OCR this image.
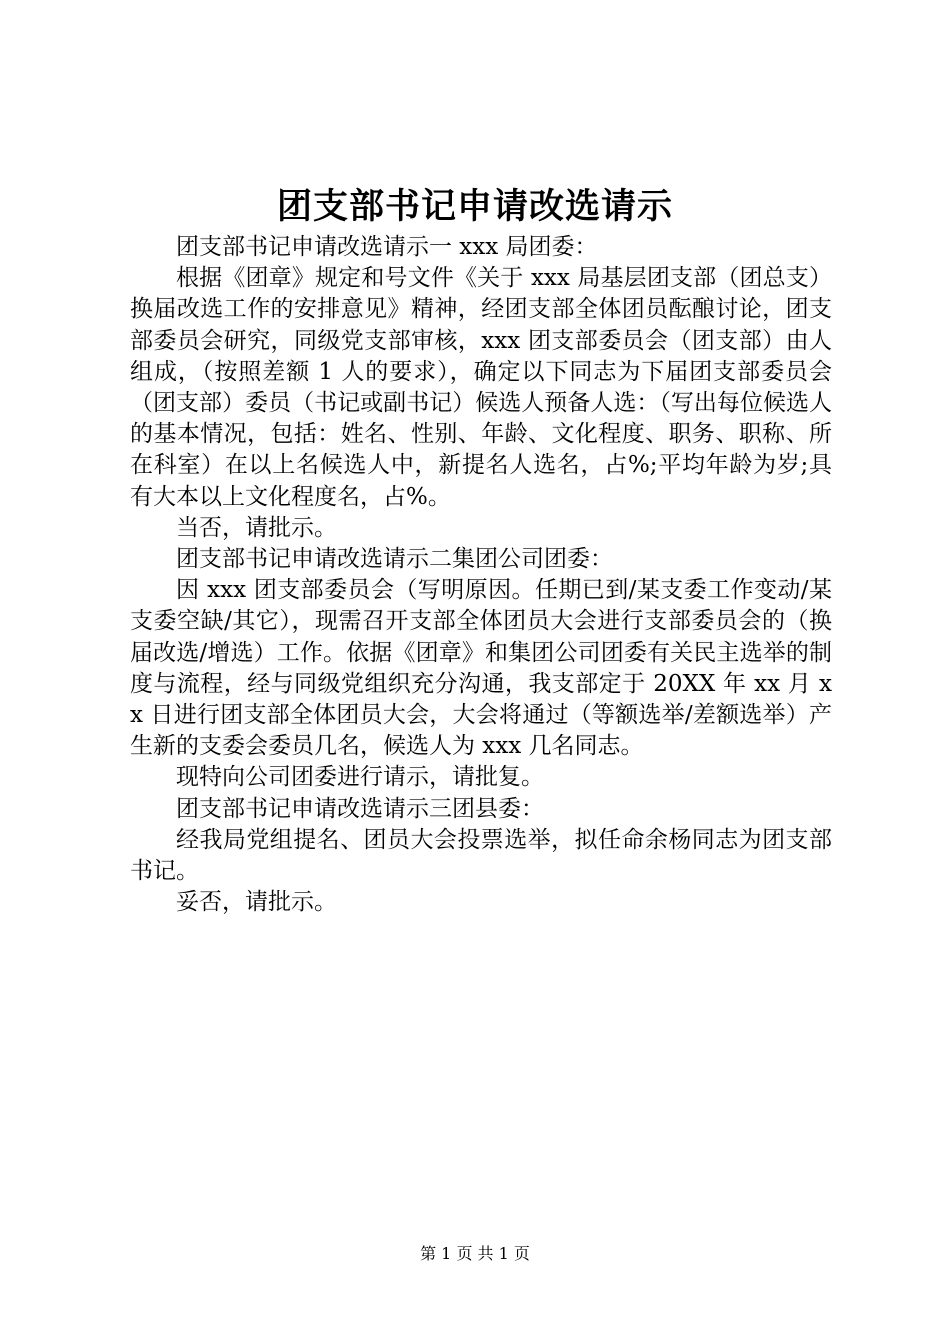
团支部书记申请改选请示

团支部书记申请改选请示一 xxx 局团委：

根据《团章》规定和号文件《关于 xxx 局基层团支部（团总支）换届改选工作的安排意见》精神，经团支部全体团员酝酿讨论，团支部委员会研究，同级党支部审核，xxx 团支部委员会（团支部）由人组成，（按照差额 1 人的要求），确定以下同志为下届团支部委员会（团支部）委员（书记或副书记）候选人预备人选：（写出每位候选人的基本情况，包括：姓名、性别、年龄、文化程度、职务、职称、所在科室）在以上名候选人中，新提名人选名，占%;平均年龄为岁;具有大本以上文化程度名，占%。

当否，请批示。

团支部书记申请改选请示二集团公司团委：

因 xxx 团支部委员会（写明原因。任期已到/某支委工作变动/某支委空缺/其它），现需召开支部全体团员大会进行支部委员会的（换届改选/增选）工作。依据《团章》和集团公司团委有关民主选举的制度与流程，经与同级党组织充分沟通，我支部定于 20XX 年 xx 月 xx 日进行团支部全体团员大会，大会将通过（等额选举/差额选举）产生新的支委会委员几名，候选人为 xxx 几名同志。

现特向公司团委进行请示，请批复。

团支部书记申请改选请示三团县委：

经我局党组提名、团员大会投票选举，拟任命余杨同志为团支部书记。

妥否，请批示。

第 1 页 共 1 页
